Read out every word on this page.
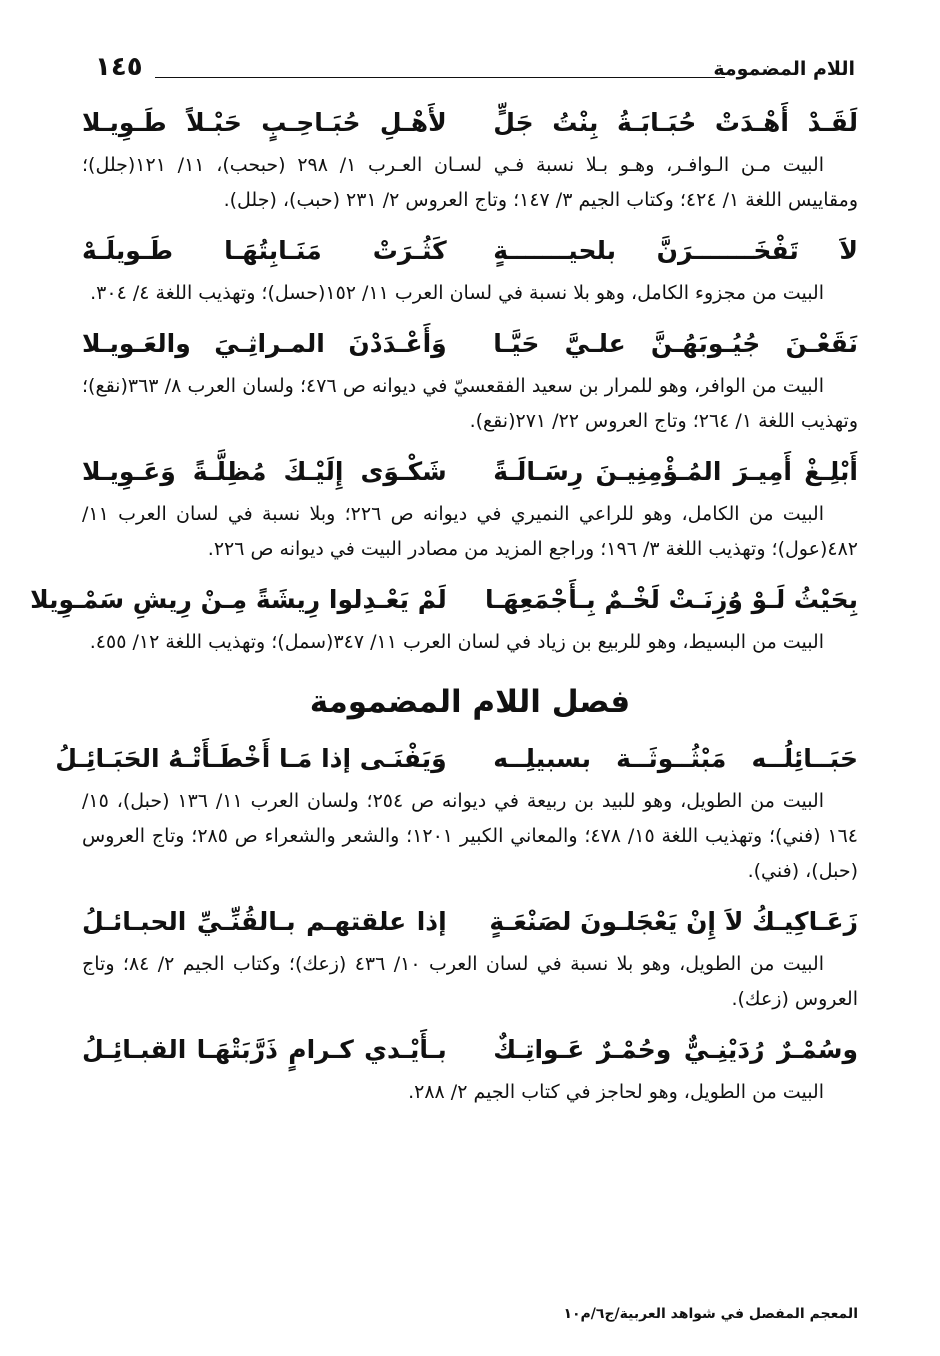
اللام المضمومة
١٤٥
لَقَـدْ أَهْـدَتْ حُبَـابَـةُ بِنْتُ جَلٍّ
لأَهْـلِ حُبَـاحِـبٍ حَبْـلاً طَـوِيـلا

البيت مـن الـوافـر، وهـو بـلا نسبة فـي لسـان العـرب ١/ ٢٩٨ (حبحب)، ١١/ ١٢١(جلل)؛ ومقاييس اللغة ١/ ٤٢٤؛ وكتاب الجيم ٣/ ١٤٧؛ وتاج العروس ٢/ ٢٣١ (حبب)، (جلل).

لاَ تَفْخَـــــــرَنَّ بلحيـــــــةٍ
كَثُـرَتْ مَنَـابِتُهَـا طَـويلَـهْ

البيت من مجزوء الكامل، وهو بلا نسبة في لسان العرب ١١/ ١٥٢(حسل)؛ وتهذيب اللغة ٤/ ٣٠٤.

نَقَعْـنَ جُيُـوبَهُـنَّ علـيَّ حَيَّـا
وَأَعْـدَدْنَ المـراثِـيَ والعَـويـلا

البيت من الوافر، وهو للمرار بن سعيد الفقعسيّ في ديوانه ص ٤٧٦؛ ولسان العرب ٨/ ٣٦٣(نقع)؛ وتهذيب اللغة ١/ ٢٦٤؛ وتاج العروس ٢٢/ ٢٧١(نقع).

أَبْلِـغْ أَمِيـرَ المُـؤْمِنِيـنَ رِسَـالَـةً
شَكْـوَى إِلَيْـكَ مُظِلَّـةً وَعَـوِيـلا

البيت من الكامل، وهو للراعي النميري في ديوانه ص ٢٢٦؛ وبلا نسبة في لسان العرب ١١/ ٤٨٢(عول)؛ وتهذيب اللغة ٣/ ١٩٦؛ وراجع المزيد من مصادر البيت في ديوانه ص ٢٢٦.

بِحَيْثُ لَـوْ وُزِنَـتْ لَخْـمٌ بِـأَجْمَعِهَـا
لَمْ يَعْـدِلوا رِيشَةً مِـنْ رِيشِ سَمْـوِيلا

البيت من البسيط، وهو للربيع بن زياد في لسان العرب ١١/ ٣٤٧(سمل)؛ وتهذيب اللغة ١٢/ ٤٥٥.

فصل اللام المضمومة
حَبَــائِلُــه مَبْثُــوثَــة بسبيلِــه
وَيَفْنَـى إذا مَـا أَخْطَـأَتْـهُ الحَبَـائِـلُ

البيت من الطويل، وهو للبيد بن ربيعة في ديوانه ص ٢٥٤؛ ولسان العرب ١١/ ١٣٦ (حبل)، ١٥/ ١٦٤ (فني)؛ وتهذيب اللغة ١٥/ ٤٧٨؛ والمعاني الكبير ١٢٠١؛ والشعر والشعراء ص ٢٨٥؛ وتاج العروس (حبل)، (فني).

زَعَـاكِيـكُ لاَ إِنْ يَعْجَلـونَ لصَنْعَـةٍ
إذا علقتهـم بـالقُنِّـيِّ الحبـائـلُ

البيت من الطويل، وهو بلا نسبة في لسان العرب ١٠/ ٤٣٦ (زعك)؛ وكتاب الجيم ٢/ ٨٤؛ وتاج العروس (زعك).

وسُمْـرٌ رُدَيْنِـيٌّ وحُمْـرٌ عَـواتِـكٌ
بـأَيْـدي كـرامٍ ذَرَّبَتْهَـا القبـائِـلُ

البيت من الطويل، وهو لحاجز في كتاب الجيم ٢/ ٢٨٨.

المعجم المفصل في شواهد العربية/ج٦/م١٠
